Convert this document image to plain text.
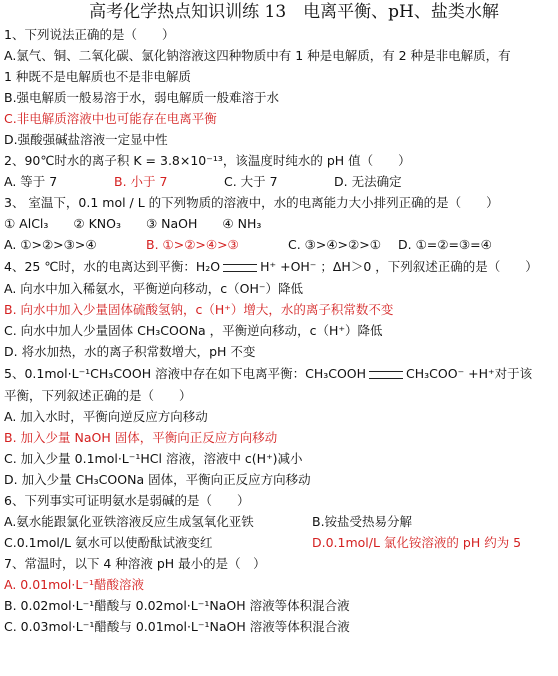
高考化学热点知识训练 13　电离平衡、pH、盐类水解
1、下列说法正确的是（　　）
A.氯气、铜、二氧化碳、氯化钠溶液这四种物质中有 1 种是电解质，有 2 种是非电解质，有
1 种既不是电解质也不是非电解质
B.强电解质一般易溶于水，弱电解质一般难溶于水
C.非电解质溶液中也可能存在电离平衡
D.强酸强碱盐溶液一定显中性
2、90℃时水的离子积 K = 3.8×10⁻¹³，该温度时纯水的 pH 值（　　）
A. 等于 7	B. 小于 7	C. 大于 7	D. 无法确定
3、 室温下，0.1 mol / L 的下列物质的溶液中，水的电离能力大小排列正确的是（　　）
① AlCl₃　　② KNO₃　　③ NaOH　　④ NH₃
A. ①>②>③>④	B. ①>②>④>③	C. ③>④>②>① D. ①=②=③=④
4、25 ℃时，水的电离达到平衡：H₂O	H⁺ +OH⁻ ；ΔH＞0 ，下列叙述正确的是（　　）
A. 向水中加入稀氨水，平衡逆向移动，c（OH⁻）降低
B. 向水中加入少量固体硫酸氢钠，c（H⁺）增大，水的离子积常数不变
C. 向水中加人少量固体 CH₃COONa ，平衡逆向移动，c（H⁺）降低
D. 将水加热，水的离子积常数增大，pH 不变
5、0.1mol·L⁻¹CH₃COOH 溶液中存在如下电离平衡：CH₃COOH	CH₃COO⁻ +H⁺对于该
平衡，下列叙述正确的是（　　）
A. 加入水时，平衡向逆反应方向移动
B. 加入少量 NaOH 固体，平衡向正反应方向移动
C. 加入少量 0.1mol·L⁻¹HCl 溶液，溶液中 c(H⁺)减小
D. 加入少量 CH₃COONa 固体，平衡向正反应方向移动
6、下列事实可证明氨水是弱碱的是（　　）
A.氨水能跟氯化亚铁溶液反应生成氢氧化亚铁	B.铵盐受热易分解
C.0.1mol/L 氨水可以使酚酞试液变红	D.0.1mol/L 氯化铵溶液的 pH 约为 5
7、常温时，以下 4 种溶液 pH 最小的是（　）
A. 0.01mol·L⁻¹醋酸溶液
B. 0.02mol·L⁻¹醋酸与 0.02mol·L⁻¹NaOH 溶液等体积混合液
C. 0.03mol·L⁻¹醋酸与 0.01mol·L⁻¹NaOH 溶液等体积混合液
